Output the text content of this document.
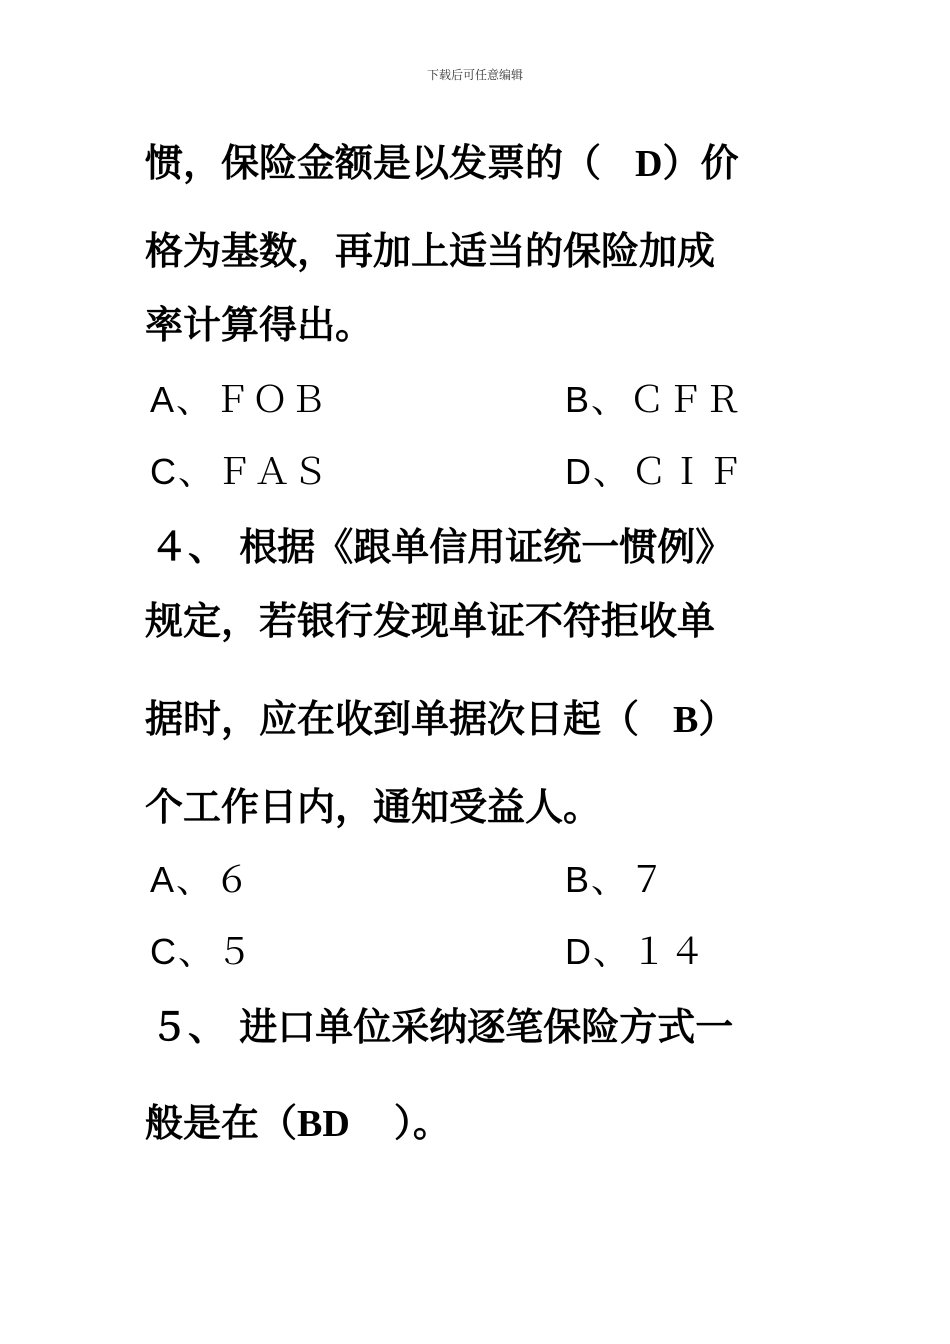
下载后可任意编辑
惯，保险金额是以发票的（ D）价
格为基数，再加上适当的保险加成
率计算得出。
A、ＦＯＢ	B、ＣＦＲ
C、ＦＡＳ	D、ＣＩＦ
４、 根据《跟单信用证统一惯例》
规定，若银行发现单证不符拒收单
据时，应在收到单据次日起（ B）
个工作日内，通知受益人。
A、６	B、７
C、５	D、１４
５、 进口单位采纳逐笔保险方式一
般是在（BD ）。
